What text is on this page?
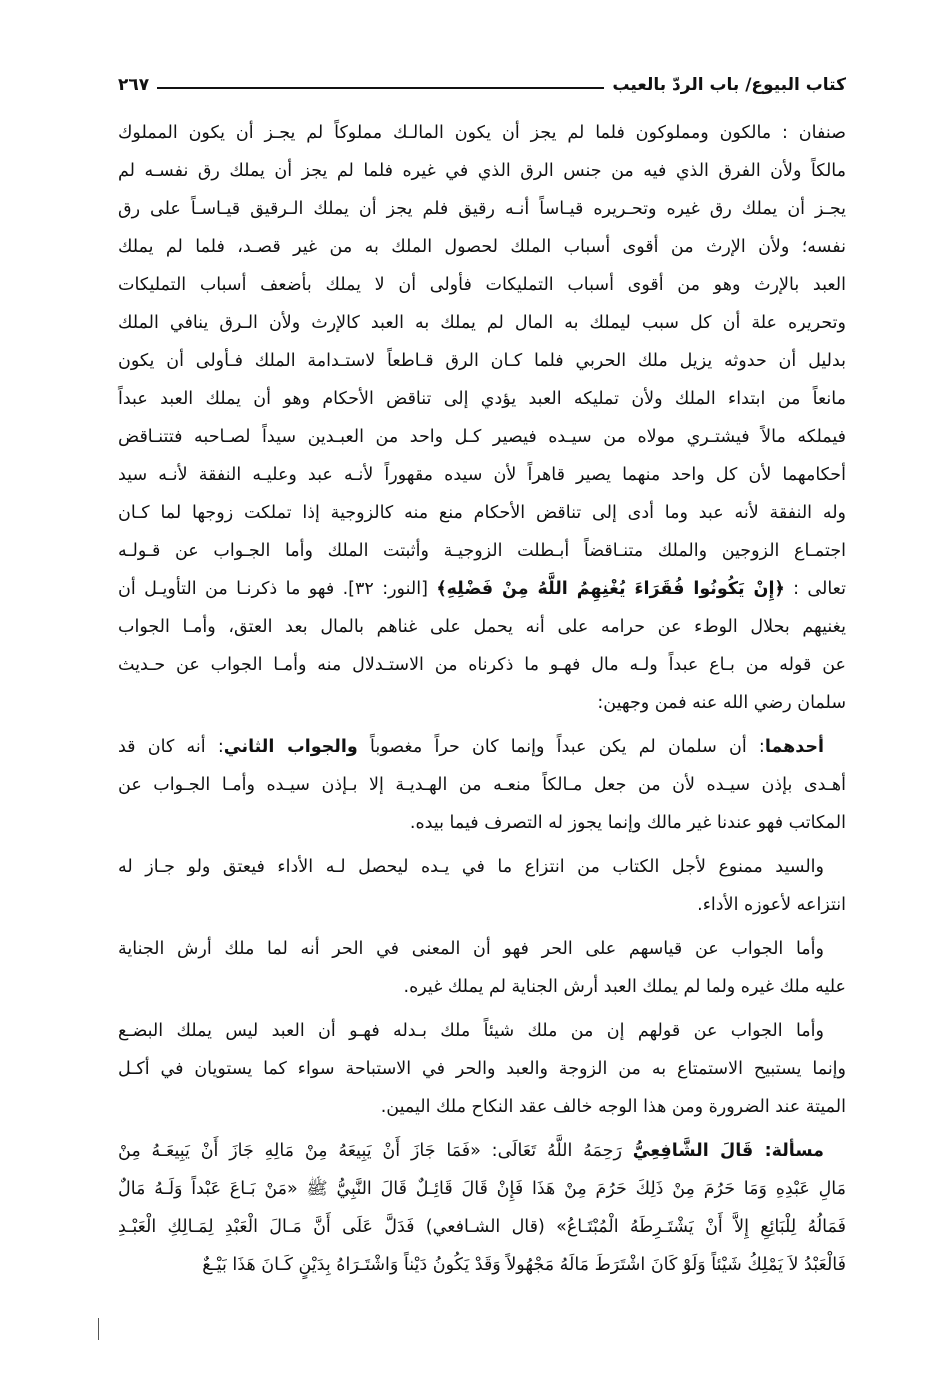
كتاب البيوع/ باب الردّ بالعيب
٢٦٧
صنفان : مالكون ومملوكون فلما لم يجز أن يكون المالـك مملوكاً لم يجـز أن يكون المملوك
مالكاً ولأن الفرق الذي فيه من جنس الرق الذي في غيره فلما لم يجز أن يملك رق نفسـه لم
يجـز أن يملك رق غيره وتحـريره قيـاساً أنـه رقيق فلم يجز أن يملك الـرقيق قيـاسـاً على رق
نفسه؛ ولأن الإرث من أقوى أسباب الملك لحصول الملك به من غير قصـد، فلما لم يملك
العبد بالإرث وهو من أقوى أسباب التمليكات فأولى أن لا يملك بأضعف أسباب التمليكات
وتحريره علة أن كل سبب ليملك به المال لم يملك به العبد كالإرث ولأن الـرق ينافي الملك
بدليل أن حدوثه يزيل ملك الحربي فلما كـان الرق قـاطعاً لاستـدامة الملك فـأولى أن يكون
مانعاً من ابتداء الملك ولأن تمليكه العبد يؤدي إلى تناقض الأحكام وهو أن يملك العبد عبداً
فيملكه مالاً فيشتـري مولاه من سيـده فيصير كـل واحد من العبـدين سيداً لصـاحبه فتتنـاقض
أحكامهما لأن كل واحد منهما يصير قاهراً لأن سيده مقهوراً لأنـه عبد وعليـه النفقة لأنـه سيد
وله النفقة لأنه عبد وما أدى إلى تناقض الأحكام منع منه كالزوجية إذا تملكت زوجها لما كـان
اجتمـاع الزوجين والملك متنـاقضاً أبـطلت الزوجيـة وأثبتت الملك وأما الجـواب عن قـولـه
تعالى : ﴿إِنْ يَكُونُوا فُقَرَاءَ يُغْنِهِمُ اللَّهُ مِنْ فَضْلِهِ﴾ [النور: ٣٢]. فهو ما ذكرنـا من التأويـل أن
يغنيهم بحلال الوطء عن حرامه على أنه يحمل على غناهم بالمال بعد العتق، وأمـا الجواب
عن قوله من بـاع عبداً ولـه مال فهـو ما ذكرناه من الاستـدلال منه وأمـا الجواب عن حـديث
سلمان رضي الله عنه فمن وجهين:
أحدهما: أن سلمان لم يكن عبداً وإنما كان حراً مغصوباً والجواب الثاني: أنه كان قد
أهـدى بإذن سيـده لأن من جعل مـالكاً منعـه من الهـديـة إلا بـإذن سيـده وأمـا الجـواب عن
المكاتب فهو عندنا غير مالك وإنما يجوز له التصرف فيما بيده.
والسيد ممنوع لأجل الكتاب من انتزاع ما في يـده ليحصل لـه الأداء فيعتق ولو جـاز له
انتزاعه لأعوزه الأداء.
وأما الجواب عن قياسهم على الحر فهو أن المعنى في الحر أنه لما ملك أرش الجناية
عليه ملك غيره ولما لم يملك العبد أرش الجناية لم يملك غيره.
وأما الجواب عن قولهم إن من ملك شيئاً ملك بـدله فهـو أن العبد ليس يملك البضـع
وإنما يستبيح الاستمتاع به من الزوجة والعبد والحر في الاستباحة سواء كما يستويان في أكـل
الميتة عند الضرورة ومن هذا الوجه خالف عقد النكاح ملك اليمين.
مسألة: قَالَ الشَّافِعِيُّ رَحِمَهُ اللَّهُ تَعَالَى: «فَمَا جَازَ أَنْ يَبِيعَهُ مِنْ مَالِهِ جَازَ أَنْ يَبِيعَـهُ مِنْ
مَالِ عَبْدِهِ وَمَا حَرُمَ مِنْ ذَلِكَ حَرُمَ مِنْ هَذَا فَإِنْ قَالَ قَائِـلٌ قَالَ النَّبِيُّ ﷺ «مَنْ بَـاعَ عَبْداً وَلَـهُ مَالٌ
فَمَالُهُ لِلْبَائِعِ إِلاَّ أَنْ يَشْتَـرِطَهُ الْمُبْتَـاعُ» (قال الشـافعي) فَدَلَّ عَلَى أَنَّ مَـالَ الْعَبْدِ لِمَـالِكِ الْعَبْـدِ
فَالْعَبْدُ لاَ يَمْلِكُ شَيْئاً وَلَوْ كَانَ اشْتَرَطَ مَالَهُ مَجْهُولاً وَقَدْ يَكُونُ دَيْناً وَاشْتَـرَاهُ بِدَيْنٍ كَـانَ هَذَا بَيْـعٌ
